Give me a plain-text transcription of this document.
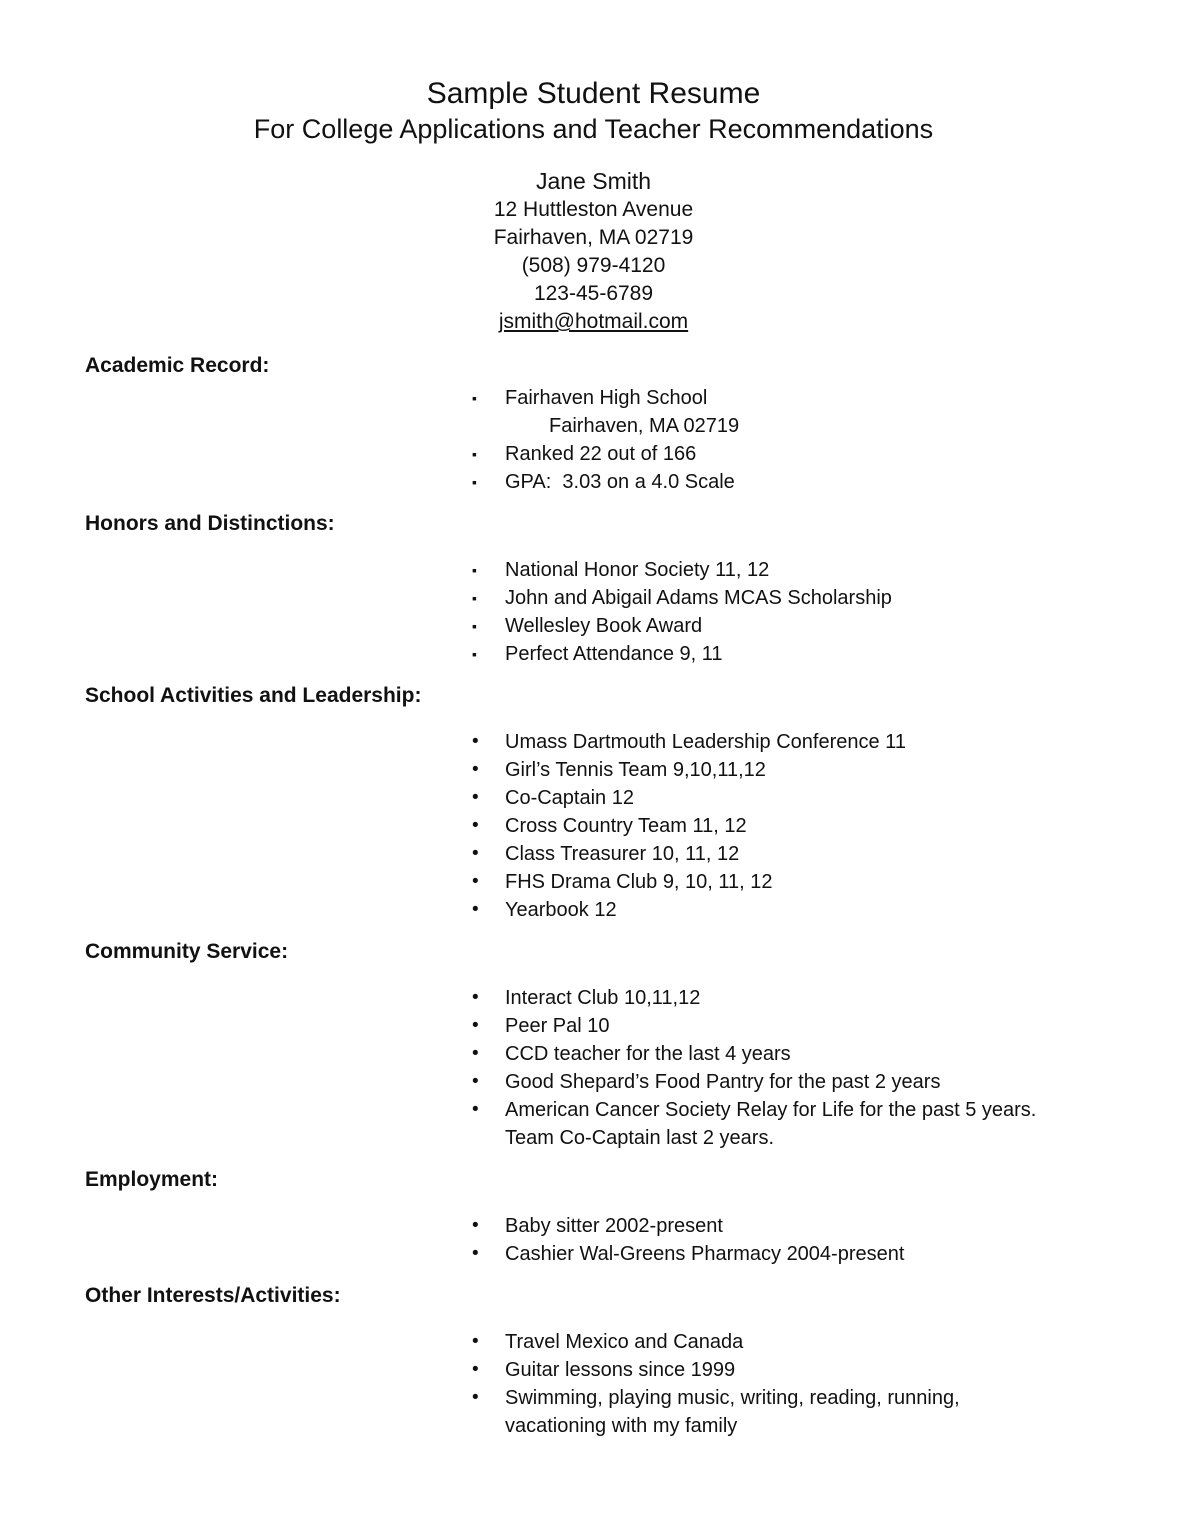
Sample Student Resume
For College Applications and Teacher Recommendations
Jane Smith
12 Huttleston Avenue
Fairhaven, MA 02719
(508) 979-4120
123-45-6789
jsmith@hotmail.com
Academic Record:
▪	Fairhaven High School
Fairhaven, MA 02719
▪	Ranked 22 out of 166
▪	GPA:  3.03 on a 4.0 Scale
Honors and Distinctions:
▪	National Honor Society 11, 12
▪	John and Abigail Adams MCAS Scholarship
▪	Wellesley Book Award
▪	Perfect Attendance 9, 11
School Activities and Leadership:
•	Umass Dartmouth Leadership Conference 11
•	Girl’s Tennis Team 9,10,11,12
•	Co-Captain 12
•	Cross Country Team 11, 12
•	Class Treasurer 10, 11, 12
•	FHS Drama Club 9, 10, 11, 12
•	Yearbook 12
Community Service:
•	Interact Club 10,11,12
•	Peer Pal 10
•	CCD teacher for the last 4 years
•	Good Shepard’s Food Pantry for the past 2 years
•	American Cancer Society Relay for Life for the past 5 years.  Team Co-Captain last 2 years.
Employment:
•	Baby sitter 2002-present
•	Cashier Wal-Greens Pharmacy 2004-present
Other Interests/Activities:
•	Travel Mexico and Canada
•	Guitar lessons since 1999
•	Swimming, playing music, writing, reading, running, vacationing with my family
